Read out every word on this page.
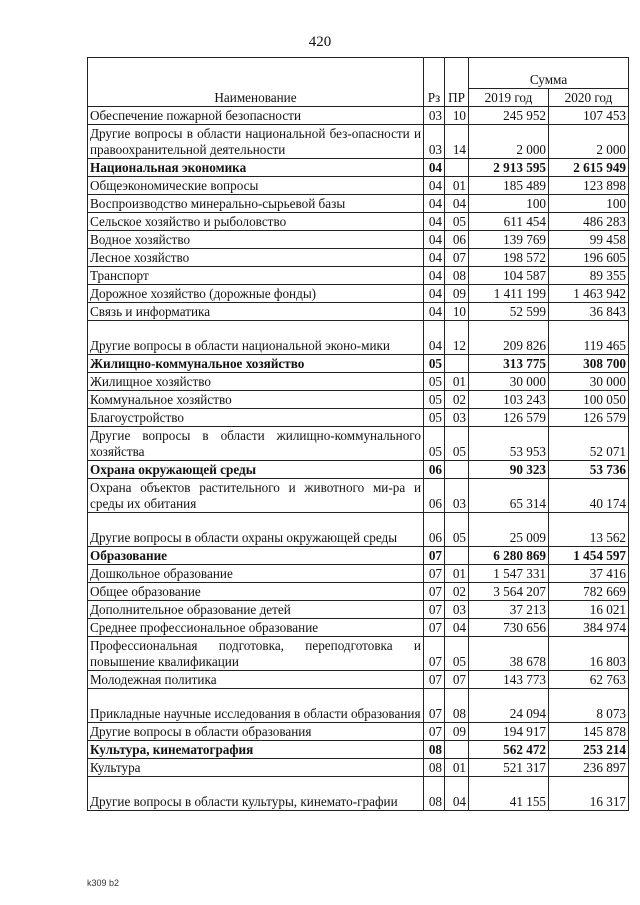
420
Наименование	Рз	ПР	Сумма	
			2019 год	2020 год
Обеспечение пожарной безопасности	03	10	245 952	107 453
Другие вопросы в области национальной без-опасности и правоохранительной деятельности	03	14	2 000	2 000
Национальная экономика	04		2 913 595	2 615 949
Общеэкономические вопросы	04	01	185 489	123 898
Воспроизводство минерально-сырьевой базы	04	04	100	100
Сельское хозяйство и рыболовство	04	05	611 454	486 283
Водное хозяйство	04	06	139 769	99 458
Лесное хозяйство	04	07	198 572	196 605
Транспорт	04	08	104 587	89 355
Дорожное хозяйство (дорожные фонды)	04	09	1 411 199	1 463 942
Связь и информатика	04	10	52 599	36 843
Другие вопросы в области национальной эконо-мики	04	12	209 826	119 465
Жилищно-коммунальное хозяйство	05		313 775	308 700
Жилищное хозяйство	05	01	30 000	30 000
Коммунальное хозяйство	05	02	103 243	100 050
Благоустройство	05	03	126 579	126 579
Другие вопросы в области жилищно-коммунального хозяйства	05	05	53 953	52 071
Охрана окружающей среды	06		90 323	53 736
Охрана объектов растительного и животного ми-ра и среды их обитания	06	03	65 314	40 174
Другие вопросы в области охраны окружающей среды	06	05	25 009	13 562
Образование	07		6 280 869	1 454 597
Дошкольное образование	07	01	1 547 331	37 416
Общее образование	07	02	3 564 207	782 669
Дополнительное образование детей	07	03	37 213	16 021
Среднее профессиональное образование	07	04	730 656	384 974
Профессиональная подготовка, переподготовка и повышение квалификации	07	05	38 678	16 803
Молодежная политика	07	07	143 773	62 763
Прикладные научные исследования в области образования	07	08	24 094	8 073
Другие вопросы в области образования	07	09	194 917	145 878
Культура, кинематография	08		562 472	253 214
Культура	08	01	521 317	236 897
Другие вопросы в области культуры, кинемато-графии	08	04	41 155	16 317
k309 b2
